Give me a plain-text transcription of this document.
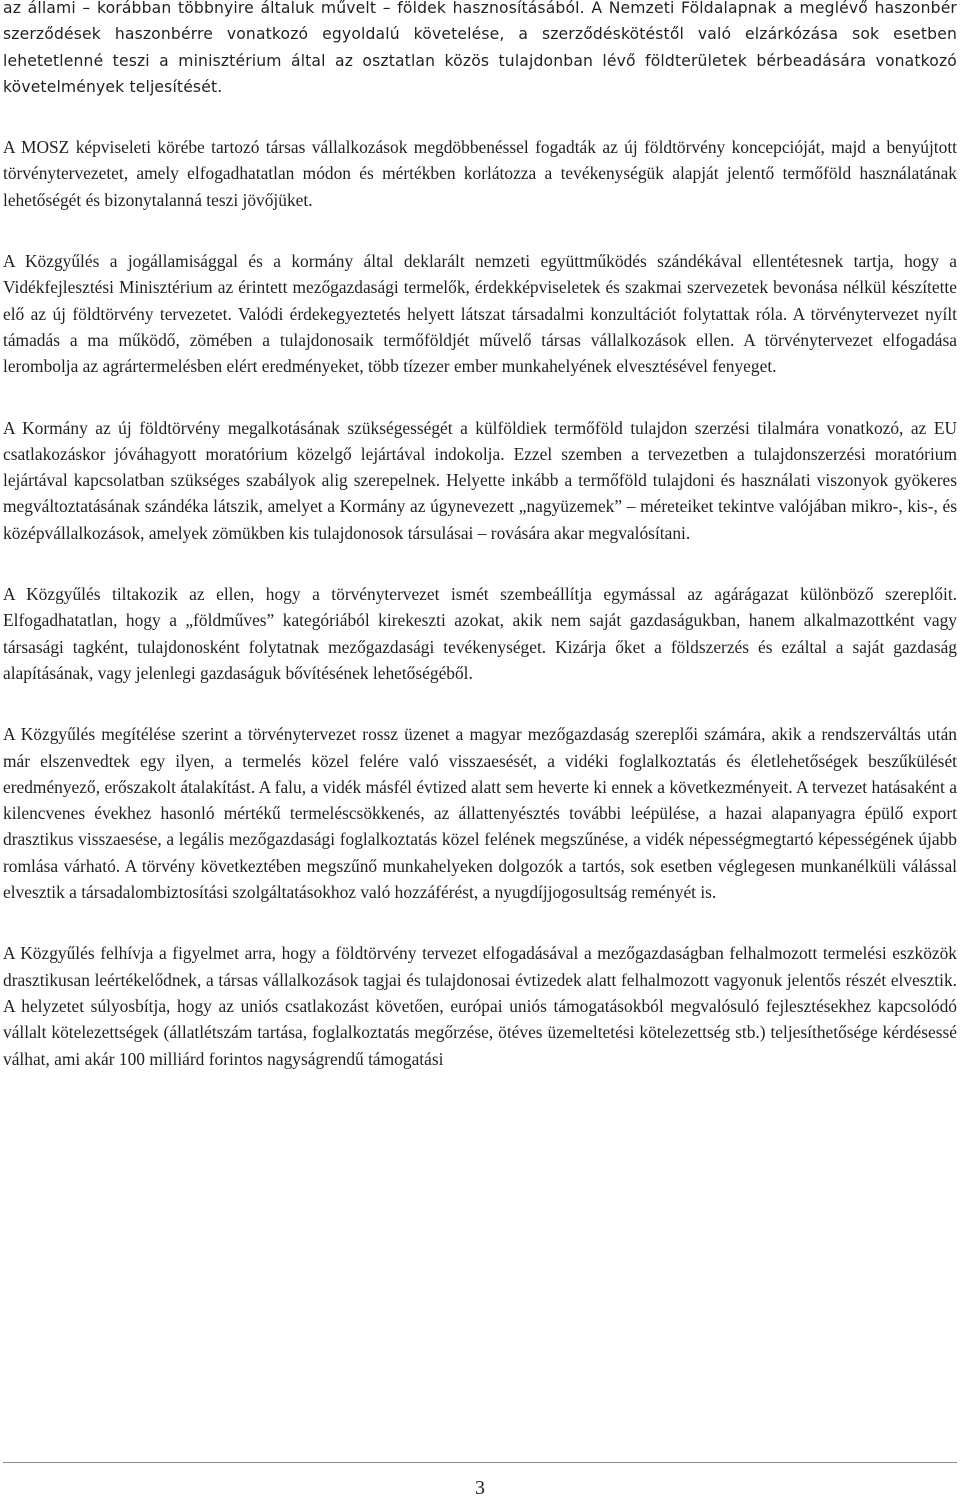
az állami – korábban többnyire általuk művelt – földek hasznosításából. A Nemzeti Földalapnak a meglévő haszonbér szerződések haszonbérre vonatkozó egyoldalú követelése, a szerződéskötéstől való elzárkózása sok esetben lehetetlenné teszi a minisztérium által az osztatlan közös tulajdonban lévő földterületek bérbeadására vonatkozó követelmények teljesítését.

A MOSZ képviseleti körébe tartozó társas vállalkozások megdöbbenéssel fogadták az új földtörvény koncepcióját, majd a benyújtott törvénytervezetet, amely elfogadhatatlan módon és mértékben korlátozza a tevékenységük alapját jelentő termőföld használatának lehetőségét és bizonytalanná teszi jövőjüket.

A Közgyűlés a jogállamisággal és a kormány által deklarált nemzeti együttműködés szándékával ellentétesnek tartja, hogy a Vidékfejlesztési Minisztérium az érintett mezőgazdasági termelők, érdekképviseletek és szakmai szervezetek bevonása nélkül készítette elő az új földtörvény tervezetet. Valódi érdekegyeztetés helyett látszat társadalmi konzultációt folytattak róla. A törvénytervezet nyílt támadás a ma működő, zömében a tulajdonosaik termőföldjét művelő társas vállalkozások ellen. A törvénytervezet elfogadása lerombolja az agrártermelésben elért eredményeket, több tízezer ember munkahelyének elvesztésével fenyeget.

A Kormány az új földtörvény megalkotásának szükségességét a külföldiek termőföld tulajdon szerzési tilalmára vonatkozó, az EU csatlakozáskor jóváhagyott moratórium közelgő lejártával indokolja. Ezzel szemben a tervezetben a tulajdonszerzési moratórium lejártával kapcsolatban szükséges szabályok alig szerepelnek. Helyette inkább a termőföld tulajdoni és használati viszonyok gyökeres megváltoztatásának szándéka látszik, amelyet a Kormány az úgynevezett „nagyüzemek” – méreteiket tekintve valójában mikro-, kis-, és középvállalkozások, amelyek zömükben kis tulajdonosok társulásai – rovására akar megvalósítani.

A Közgyűlés tiltakozik az ellen, hogy a törvénytervezet ismét szembeállítja egymással az agárágazat különböző szereplőit. Elfogadhatatlan, hogy a „földműves” kategóriából kirekeszti azokat, akik nem saját gazdaságukban, hanem alkalmazottként vagy társasági tagként, tulajdonosként folytatnak mezőgazdasági tevékenységet. Kizárja őket a földszerzés és ezáltal a saját gazdaság alapításának, vagy jelenlegi gazdaságuk bővítésének lehetőségéből.

A Közgyűlés megítélése szerint a törvénytervezet rossz üzenet a magyar mezőgazdaság szereplői számára, akik a rendszerváltás után már elszenvedtek egy ilyen, a termelés közel felére való visszaesését, a vidéki foglalkoztatás és életlehetőségek beszűkülését eredményező, erőszakolt átalakítást. A falu, a vidék másfél évtized alatt sem heverte ki ennek a következményeit. A tervezet hatásaként a kilencvenes évekhez hasonló mértékű termeléscsökkenés, az állattenyésztés további leépülése, a hazai alapanyagra épülő export drasztikus visszaesése, a legális mezőgazdasági foglalkoztatás közel felének megszűnése, a vidék népességmegtartó képességének újabb romlása várható. A törvény következtében megszűnő munkahelyeken dolgozók a tartós, sok esetben véglegesen munkanélküli válással elvesztik a társadalombiztosítási szolgáltatásokhoz való hozzáférést, a nyugdíjjogosultság reményét is.

A Közgyűlés felhívja a figyelmet arra, hogy a földtörvény tervezet elfogadásával a mezőgazdaságban felhalmozott termelési eszközök drasztikusan leértékelődnek, a társas vállalkozások tagjai és tulajdonosai évtizedek alatt felhalmozott vagyonuk jelentős részét elvesztik. A helyzetet súlyosbítja, hogy az uniós csatlakozást követően, európai uniós támogatásokból megvalósuló fejlesztésekhez kapcsolódó vállalt kötelezettségek (állatlétszám tartása, foglalkoztatás megőrzése, ötéves üzemeltetési kötelezettség stb.) teljesíthetősége kérdésessé válhat, ami akár 100 milliárd forintos nagyságrendű támogatási

3
